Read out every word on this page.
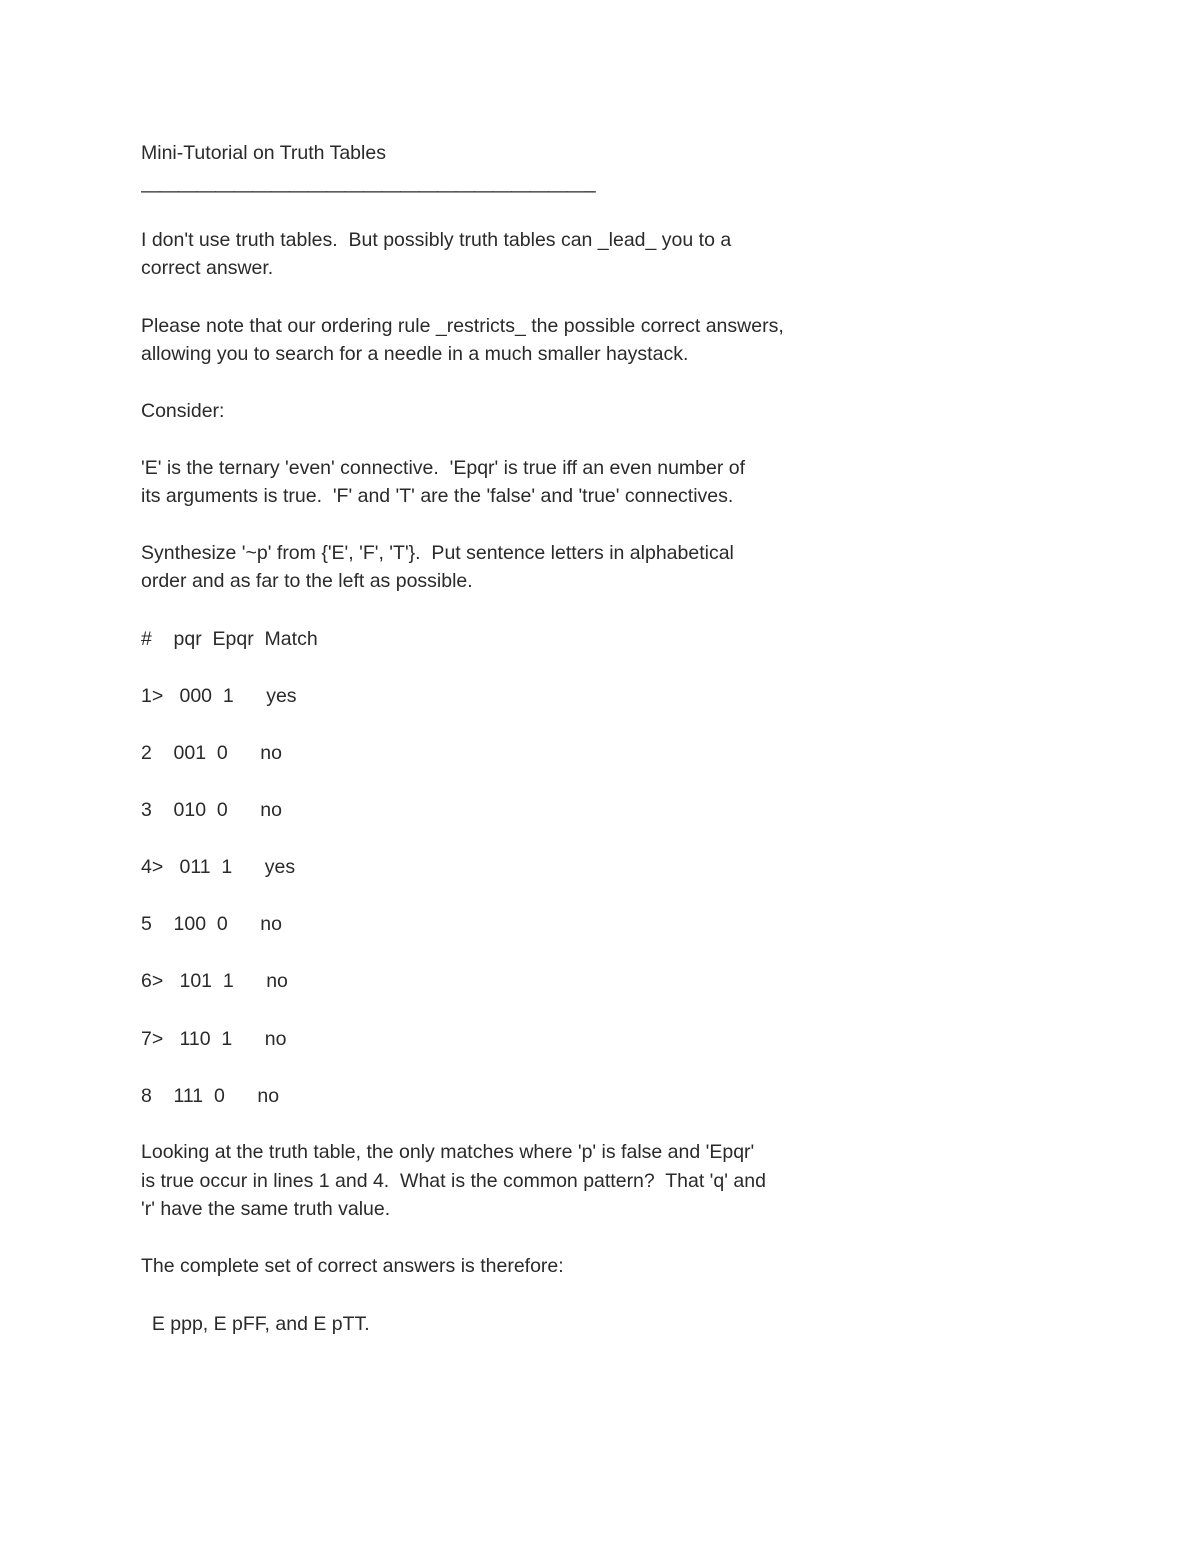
Mini-Tutorial on Truth Tables

————————————————————————–

I don't use truth tables.  But possibly truth tables can _lead_ you to a

correct answer.

Please note that our ordering rule _restricts_ the possible correct answers,

allowing you to search for a needle in a much smaller haystack.

Consider:

'E' is the ternary 'even' connective.  'Epqr' is true iff an even number of

its arguments is true.  'F' and 'T' are the 'false' and 'true' connectives.

Synthesize '~p' from {'E', 'F', 'T'}.  Put sentence letters in alphabetical

order and as far to the left as possible.

#    pqr  Epqr  Match

1>   000  1      yes

2    001  0      no

3    010  0      no

4>   011  1      yes

5    100  0      no

6>   101  1      no

7>   110  1      no

8    111  0      no

Looking at the truth table, the only matches where 'p' is false and 'Epqr'

is true occur in lines 1 and 4.  What is the common pattern?  That 'q' and

'r' have the same truth value.

The complete set of correct answers is therefore:

E ppp, E pFF, and E pTT.
